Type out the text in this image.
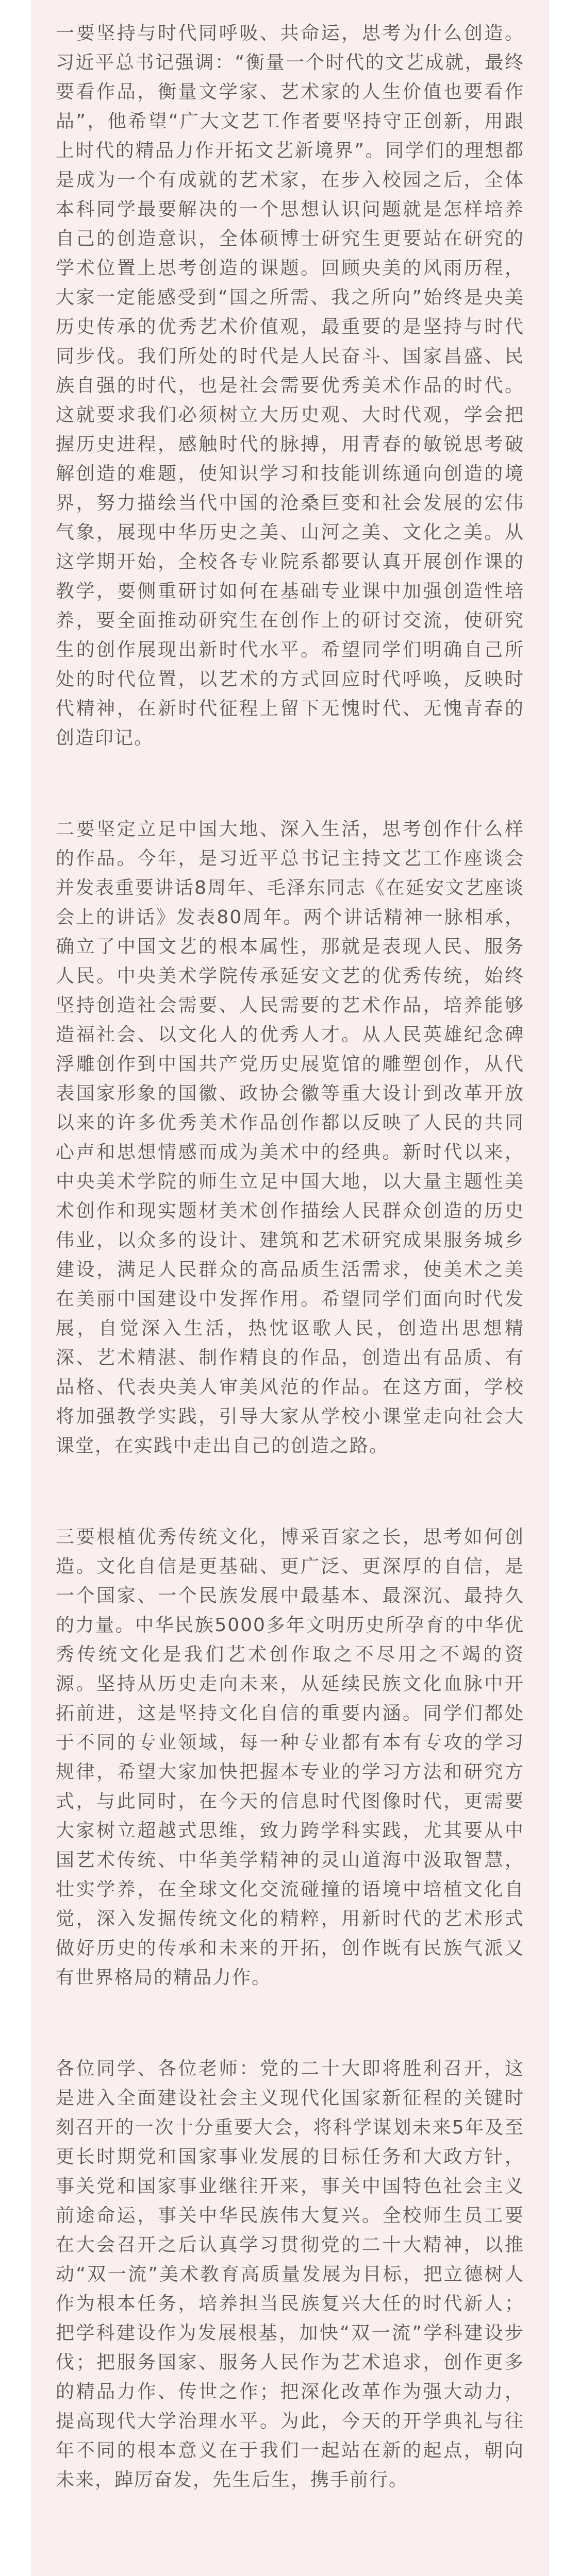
一要坚持与时代同呼吸、共命运，思考为什么创造。习近平总书记强调：“衡量一个时代的文艺成就，最终要看作品，衡量文学家、艺术家的人生价值也要看作品”，他希望“广大文艺工作者要坚持守正创新，用跟上时代的精品力作开拓文艺新境界”。同学们的理想都是成为一个有成就的艺术家，在步入校园之后，全体本科同学最要解决的一个思想认识问题就是怎样培养自己的创造意识，全体硕博士研究生更要站在研究的学术位置上思考创造的课题。回顾央美的风雨历程，大家一定能感受到“国之所需、我之所向”始终是央美历史传承的优秀艺术价值观，最重要的是坚持与时代同步伐。我们所处的时代是人民奋斗、国家昌盛、民族自强的时代，也是社会需要优秀美术作品的时代。这就要求我们必须树立大历史观、大时代观，学会把握历史进程，感触时代的脉搏，用青春的敏锐思考破解创造的难题，使知识学习和技能训练通向创造的境界，努力描绘当代中国的沧桑巨变和社会发展的宏伟气象，展现中华历史之美、山河之美、文化之美。从这学期开始，全校各专业院系都要认真开展创作课的教学，要侧重研讨如何在基础专业课中加强创造性培养，要全面推动研究生在创作上的研讨交流，使研究生的创作展现出新时代水平。希望同学们明确自己所处的时代位置，以艺术的方式回应时代呼唤，反映时代精神，在新时代征程上留下无愧时代、无愧青春的创造印记。

二要坚定立足中国大地、深入生活，思考创作什么样的作品。今年，是习近平总书记主持文艺工作座谈会并发表重要讲话8周年、毛泽东同志《在延安文艺座谈会上的讲话》发表80周年。两个讲话精神一脉相承，确立了中国文艺的根本属性，那就是表现人民、服务人民。中央美术学院传承延安文艺的优秀传统，始终坚持创造社会需要、人民需要的艺术作品，培养能够造福社会、以文化人的优秀人才。从人民英雄纪念碑浮雕创作到中国共产党历史展览馆的雕塑创作，从代表国家形象的国徽、政协会徽等重大设计到改革开放以来的许多优秀美术作品创作都以反映了人民的共同心声和思想情感而成为美术中的经典。新时代以来，中央美术学院的师生立足中国大地，以大量主题性美术创作和现实题材美术创作描绘人民群众创造的历史伟业，以众多的设计、建筑和艺术研究成果服务城乡建设，满足人民群众的高品质生活需求，使美术之美在美丽中国建设中发挥作用。希望同学们面向时代发展，自觉深入生活，热忱讴歌人民，创造出思想精深、艺术精湛、制作精良的作品，创造出有品质、有品格、代表央美人审美风范的作品。在这方面，学校将加强教学实践，引导大家从学校小课堂走向社会大课堂，在实践中走出自己的创造之路。

三要根植优秀传统文化，博采百家之长，思考如何创造。文化自信是更基础、更广泛、更深厚的自信，是一个国家、一个民族发展中最基本、最深沉、最持久的力量。中华民族5000多年文明历史所孕育的中华优秀传统文化是我们艺术创作取之不尽用之不竭的资源。坚持从历史走向未来，从延续民族文化血脉中开拓前进，这是坚持文化自信的重要内涵。同学们都处于不同的专业领域，每一种专业都有本有专攻的学习规律，希望大家加快把握本专业的学习方法和研究方式，与此同时，在今天的信息时代图像时代，更需要大家树立超越式思维，致力跨学科实践，尤其要从中国艺术传统、中华美学精神的灵山道海中汲取智慧，壮实学养，在全球文化交流碰撞的语境中培植文化自觉，深入发掘传统文化的精粹，用新时代的艺术形式做好历史的传承和未来的开拓，创作既有民族气派又有世界格局的精品力作。

各位同学、各位老师：党的二十大即将胜利召开，这是进入全面建设社会主义现代化国家新征程的关键时刻召开的一次十分重要大会，将科学谋划未来5年及至更长时期党和国家事业发展的目标任务和大政方针，事关党和国家事业继往开来，事关中国特色社会主义前途命运，事关中华民族伟大复兴。全校师生员工要在大会召开之后认真学习贯彻党的二十大精神，以推动“双一流”美术教育高质量发展为目标，把立德树人作为根本任务，培养担当民族复兴大任的时代新人；把学科建设作为发展根基，加快“双一流”学科建设步伐；把服务国家、服务人民作为艺术追求，创作更多的精品力作、传世之作；把深化改革作为强大动力，提高现代大学治理水平。为此，今天的开学典礼与往年不同的根本意义在于我们一起站在新的起点，朝向未来，踔厉奋发，先生后生，携手前行。
